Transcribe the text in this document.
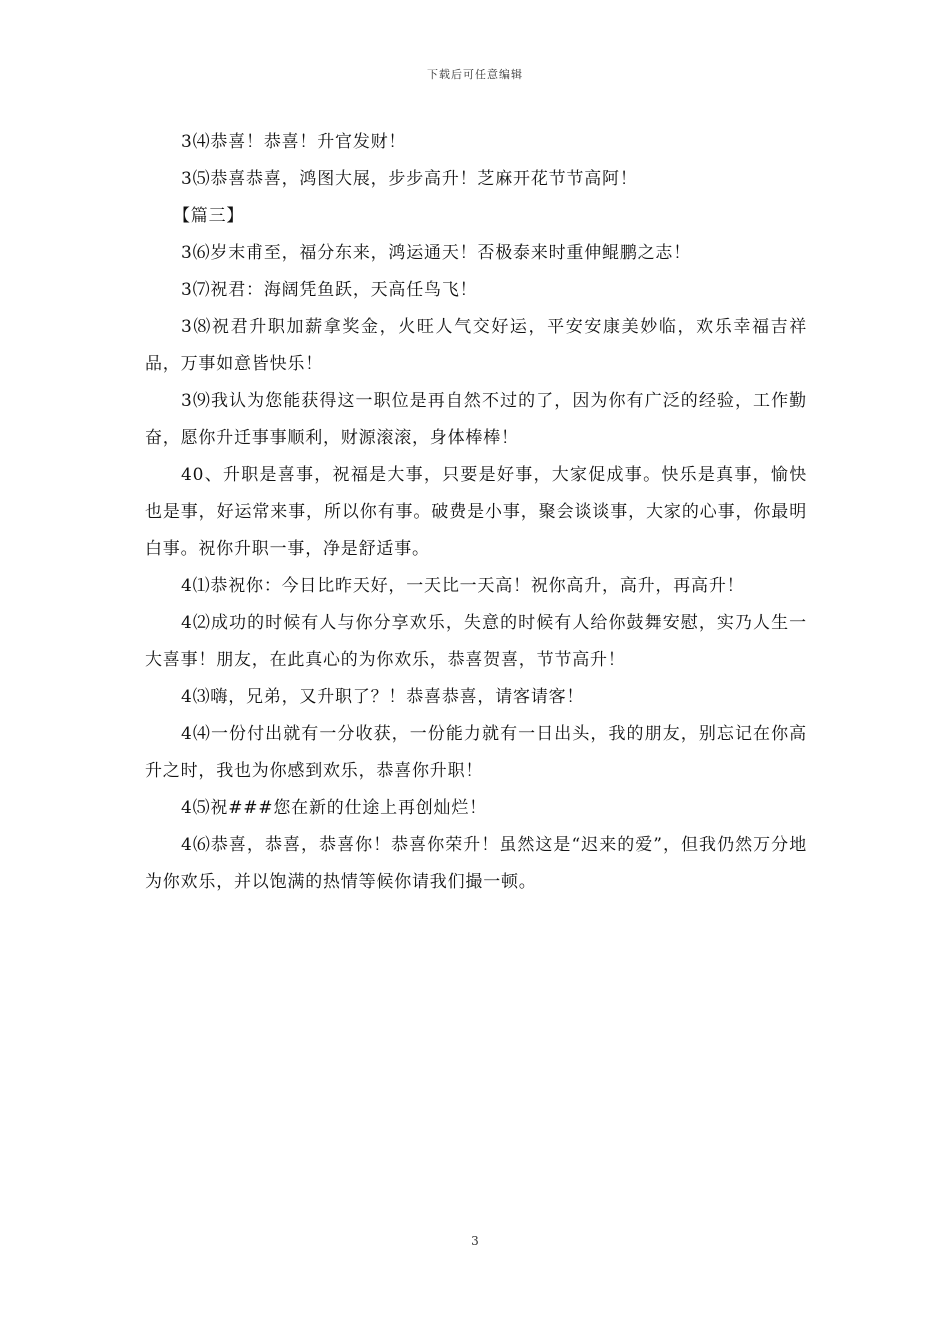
下载后可任意编辑

3⑷恭喜！恭喜！升官发财！

3⑸恭喜恭喜，鸿图大展，步步高升！芝麻开花节节高阿！

【篇三】

3⑹岁末甫至，福分东来，鸿运通天！否极泰来时重伸鲲鹏之志！

3⑺祝君：海阔凭鱼跃，天高任鸟飞！

3⑻祝君升职加薪拿奖金，火旺人气交好运，平安安康美妙临，欢乐幸福吉祥品，万事如意皆快乐！

3⑼我认为您能获得这一职位是再自然不过的了，因为你有广泛的经验，工作勤奋，愿你升迁事事顺利，财源滚滚，身体棒棒！

40、升职是喜事，祝福是大事，只要是好事，大家促成事。快乐是真事，愉快也是事，好运常来事，所以你有事。破费是小事，聚会谈谈事，大家的心事，你最明白事。祝你升职一事，净是舒适事。

4⑴恭祝你：今日比昨天好，一天比一天高！祝你高升，高升，再高升！

4⑵成功的时候有人与你分享欢乐，失意的时候有人给你鼓舞安慰，实乃人生一大喜事！朋友，在此真心的为你欢乐，恭喜贺喜，节节高升！

4⑶嗨，兄弟，又升职了？！恭喜恭喜，请客请客！

4⑷一份付出就有一分收获，一份能力就有一日出头，我的朋友，别忘记在你高升之时，我也为你感到欢乐，恭喜你升职！

4⑸祝###您在新的仕途上再创灿烂！

4⑹恭喜，恭喜，恭喜你！恭喜你荣升！虽然这是“迟来的爱”，但我仍然万分地为你欢乐，并以饱满的热情等候你请我们撮一顿。

3
